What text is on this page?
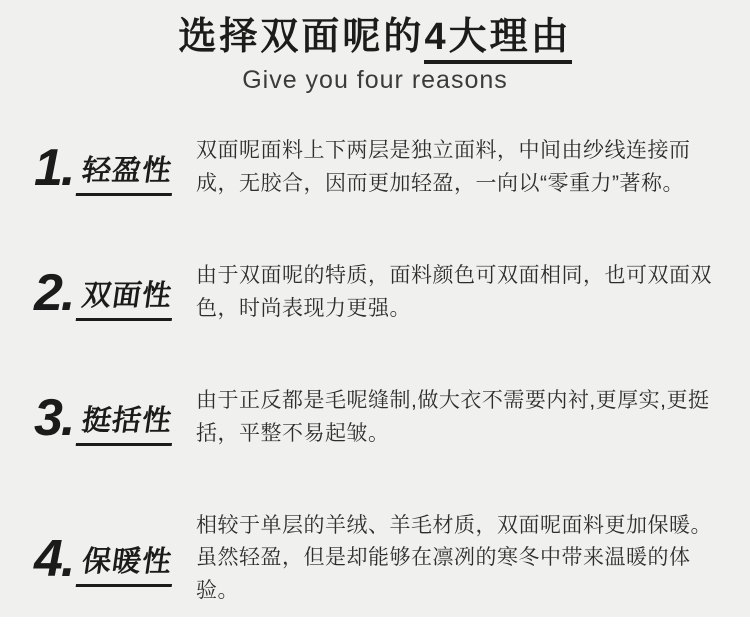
选择双面呢的4大理由
Give you four reasons
1. 轻盈性
双面呢面料上下两层是独立面料，中间由纱线连接而成，无胶合，因而更加轻盈，一向以“零重力”著称。
2. 双面性
由于双面呢的特质，面料颜色可双面相同，也可双面双色，时尚表现力更强。
3. 挺括性
由于正反都是毛呢缝制,做大衣不需要内衬,更厚实,更挺括，平整不易起皱。
4. 保暖性
相较于单层的羊绒、羊毛材质，双面呢面料更加保暖。虽然轻盈，但是却能够在凛冽的寒冬中带来温暖的体验。
